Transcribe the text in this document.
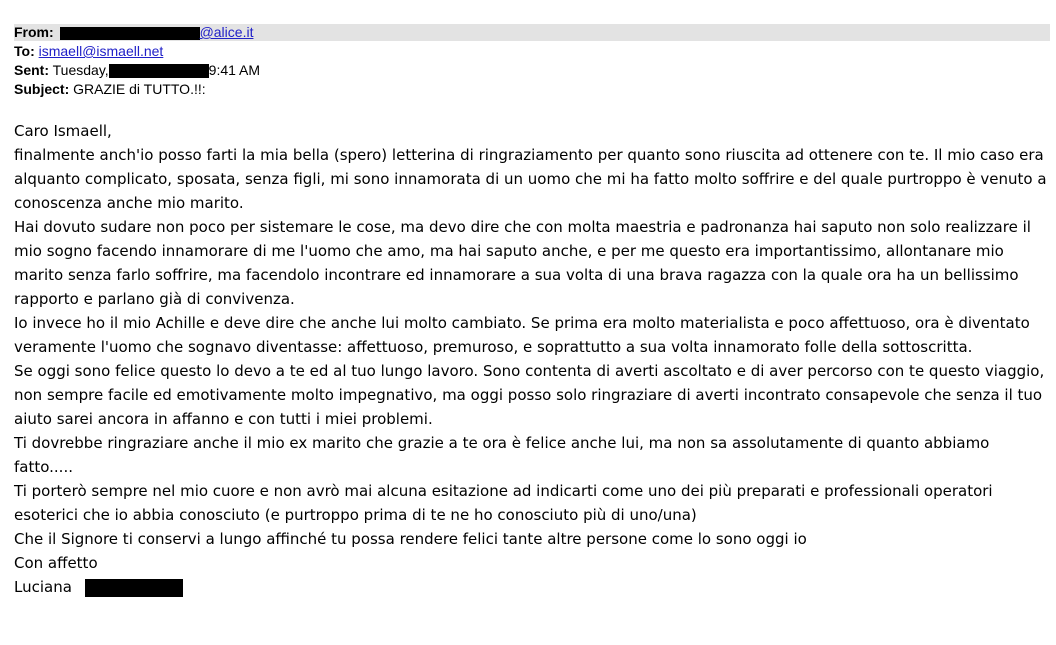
From:	@alice.it
To: ismaell@ismaell.net
Sent: Tuesday,	9:41 AM
Subject: GRAZIE di TUTTO.!!:

Caro Ismaell,

finalmente anch'io posso farti la mia bella (spero) letterina di ringraziamento per quanto sono riuscita ad ottenere con te. Il mio caso era alquanto complicato, sposata, senza figli, mi sono innamorata di un uomo che mi ha fatto molto soffrire e del quale purtroppo è venuto a conoscenza anche mio marito.

Hai dovuto sudare non poco per sistemare le cose, ma devo dire che con molta maestria e padronanza hai saputo non solo realizzare il mio sogno facendo innamorare di me l'uomo che amo, ma hai saputo anche, e per me questo era importantissimo, allontanare mio marito senza farlo soffrire, ma facendolo incontrare ed innamorare a sua volta di una brava ragazza con la quale ora ha un bellissimo rapporto e parlano già di convivenza.

Io invece ho il mio Achille e deve dire che anche lui molto cambiato. Se prima era molto materialista e poco affettuoso, ora è diventato veramente l'uomo che sognavo diventasse: affettuoso, premuroso, e soprattutto a sua volta innamorato folle della sottoscritta.

Se oggi sono felice questo lo devo a te ed al tuo lungo lavoro. Sono contenta di averti ascoltato e di aver percorso con te questo viaggio, non sempre facile ed emotivamente molto impegnativo, ma oggi posso solo ringraziare di averti incontrato consapevole che senza il tuo aiuto sarei ancora in affanno e con tutti i miei problemi.

Ti dovrebbe ringraziare anche il mio ex marito che grazie a te ora è felice anche lui, ma non sa assolutamente di quanto abbiamo fatto.....

Ti porterò sempre nel mio cuore e non avrò mai alcuna esitazione ad indicarti come uno dei più preparati e professionali operatori esoterici che io abbia conosciuto (e purtroppo prima di te ne ho conosciuto più di uno/una)

Che il Signore ti conservi a lungo affinché tu possa rendere felici tante altre persone come lo sono oggi io

Con affetto

Luciana
